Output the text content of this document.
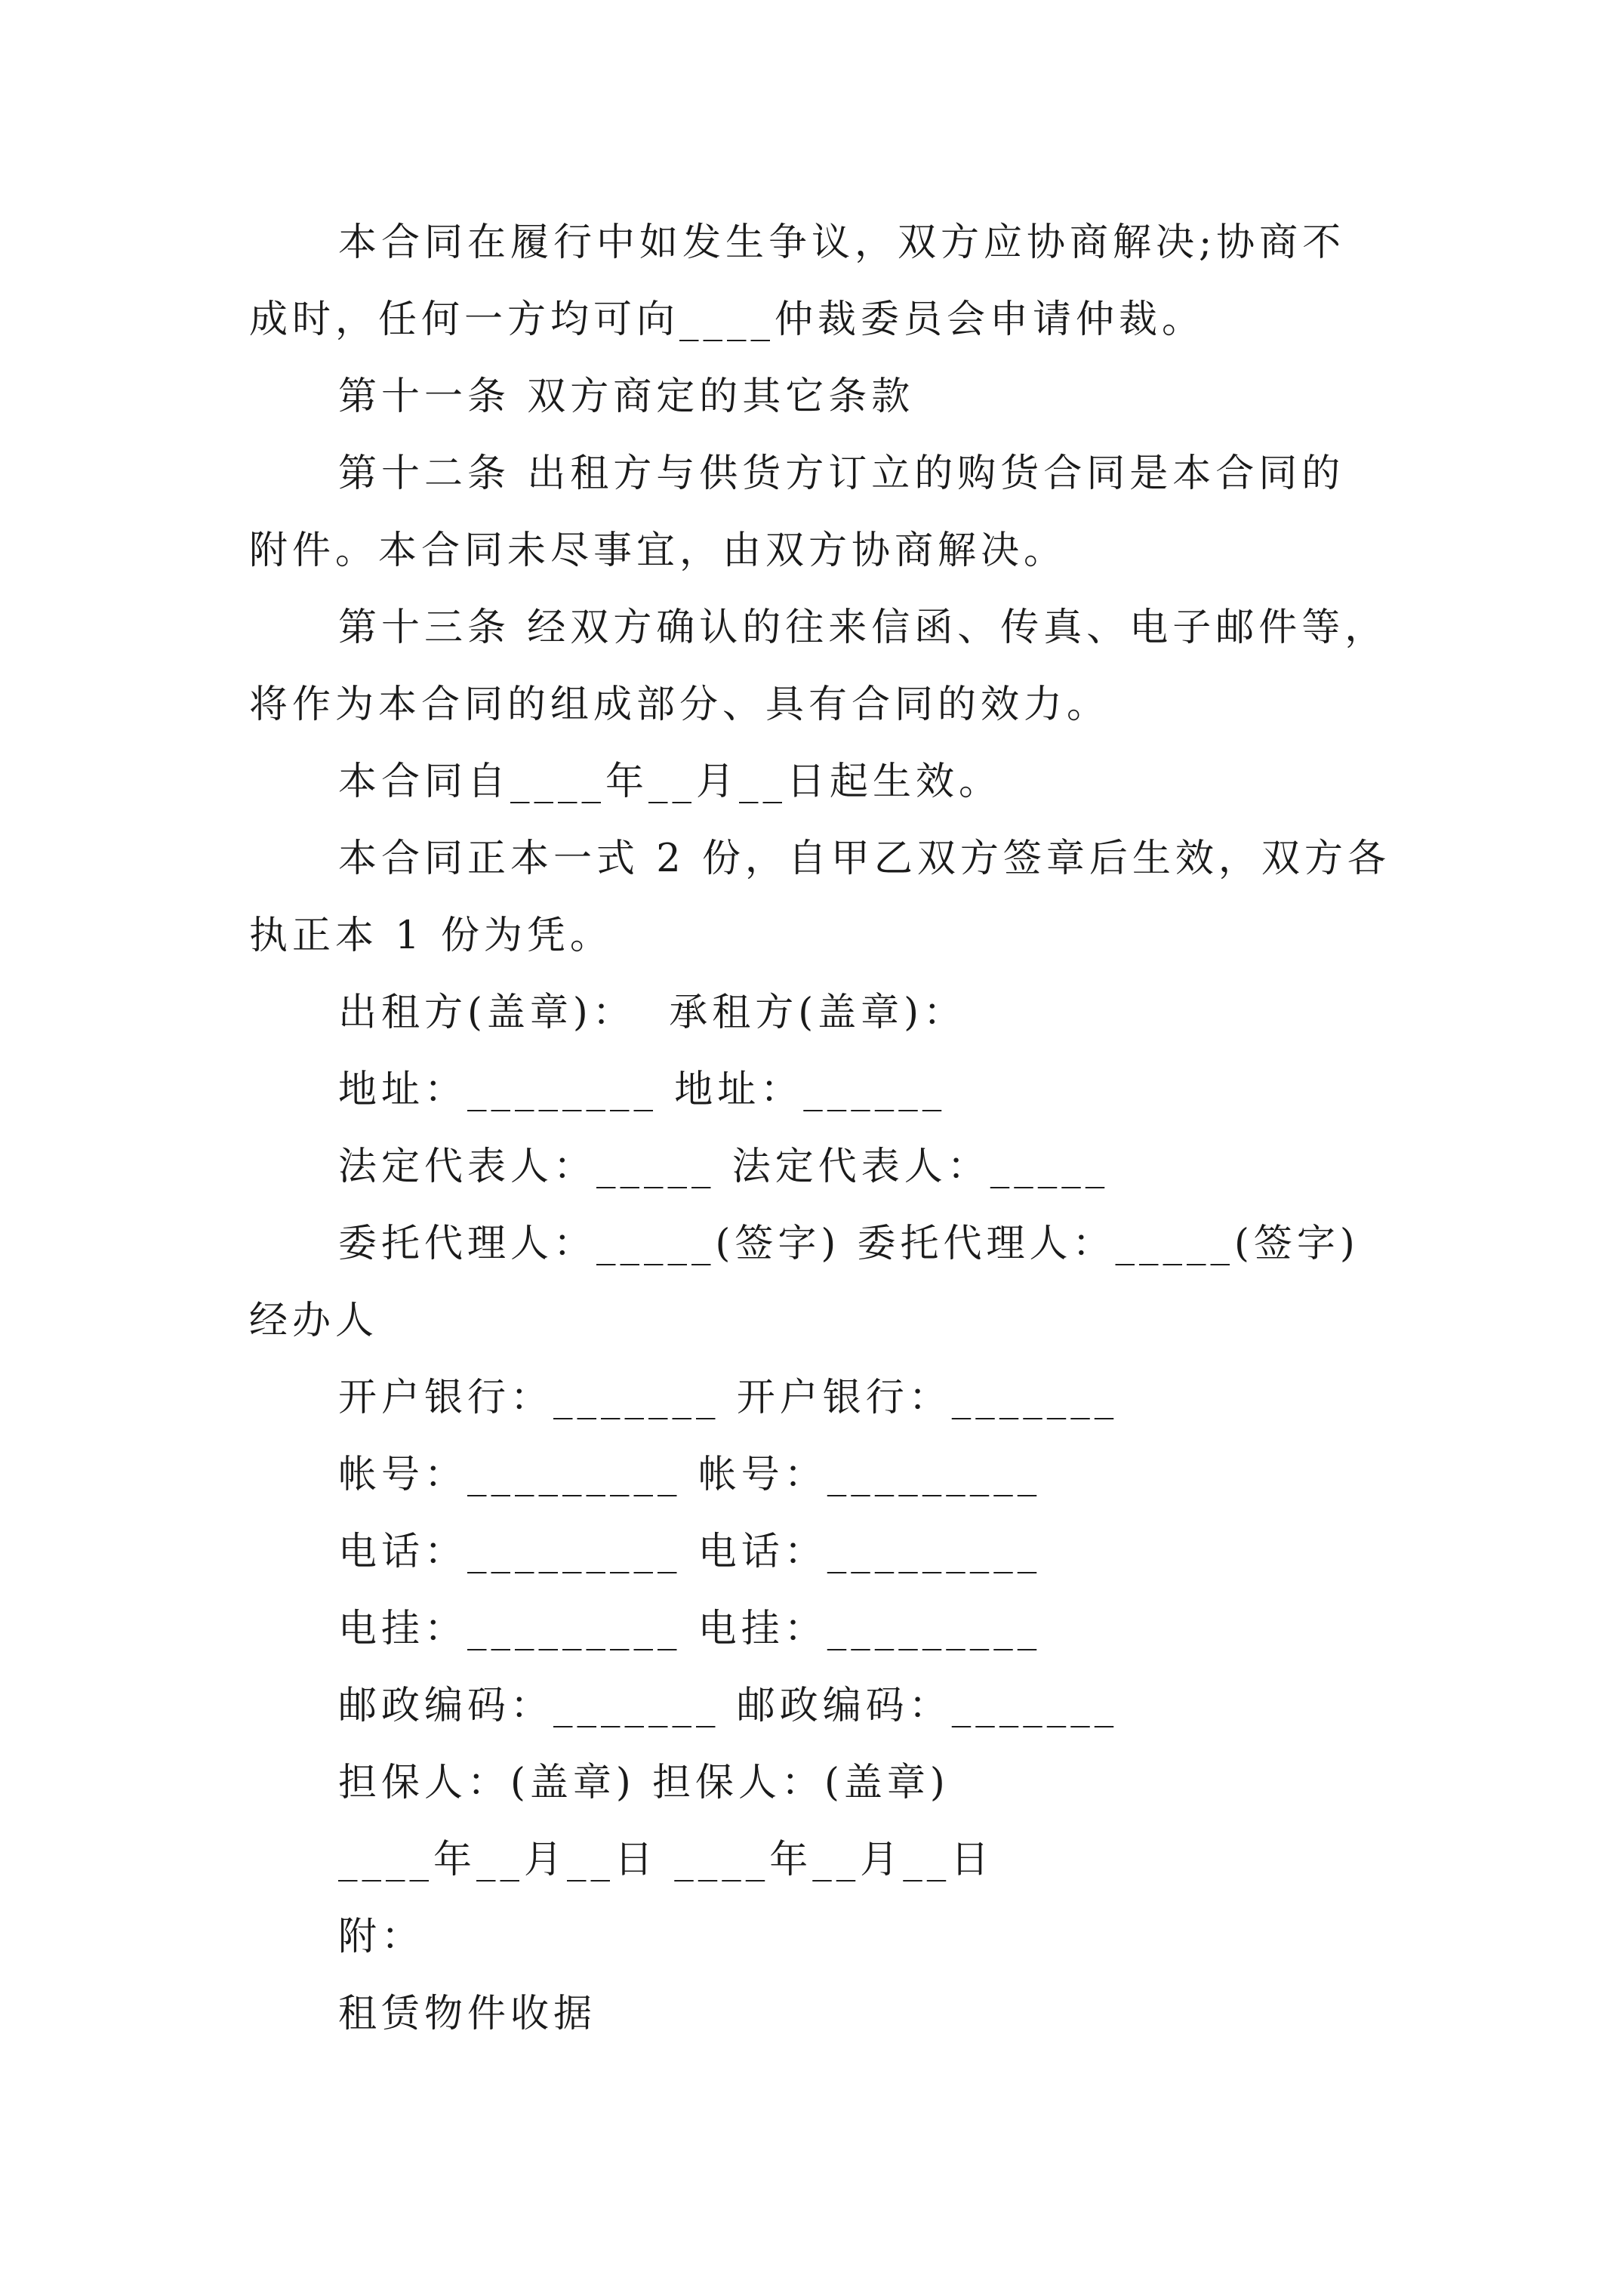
本合同在履行中如发生争议，双方应协商解决;协商不
成时，任何一方均可向____仲裁委员会申请仲裁。
第十一条 双方商定的其它条款
第十二条 出租方与供货方订立的购货合同是本合同的
附件。本合同未尽事宜，由双方协商解决。
第十三条 经双方确认的往来信函、传真、电子邮件等，
将作为本合同的组成部分、具有合同的效力。
本合同自____年__月__日起生效。
本合同正本一式 2 份，自甲乙双方签章后生效，双方各
执正本 1 份为凭。
出租方(盖章)：  承租方(盖章)：
地址：________ 地址：______
法定代表人：_____ 法定代表人：_____
委托代理人：_____(签字) 委托代理人：_____(签字)
经办人
开户银行：_______ 开户银行：_______
帐号：_________ 帐号：_________
电话：_________ 电话：_________
电挂：_________ 电挂：_________
邮政编码：_______ 邮政编码：_______
担保人：(盖章) 担保人：(盖章)
____年__月__日 ____年__月__日
附：
租赁物件收据
